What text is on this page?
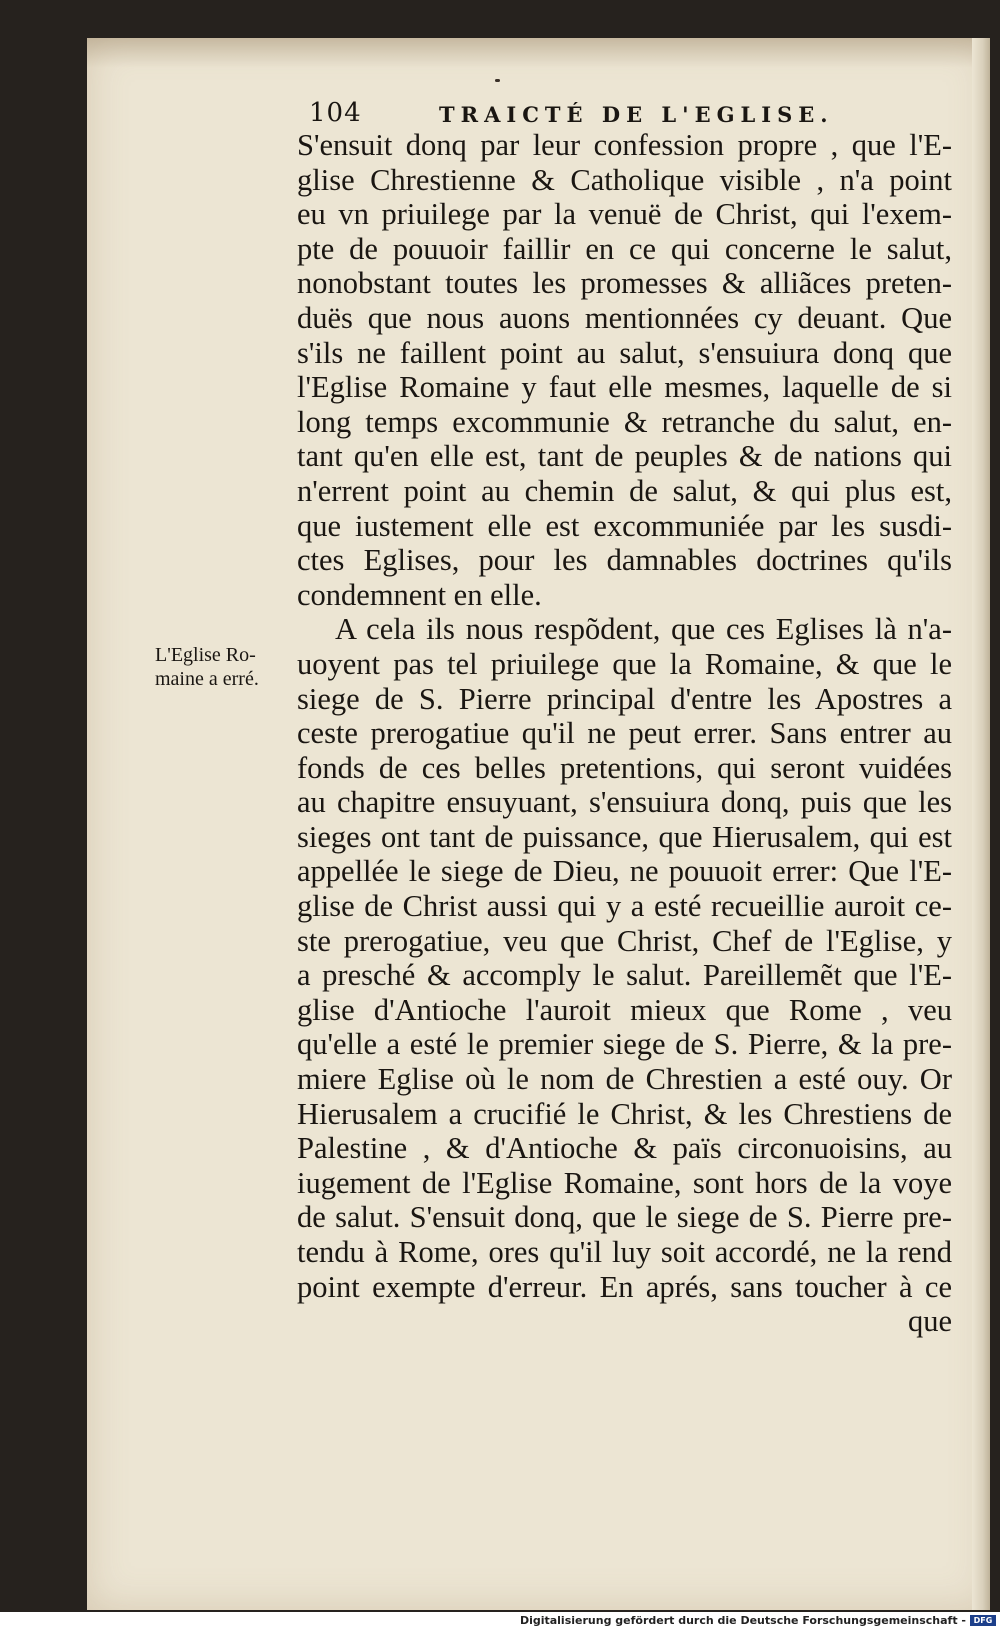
104	TRAICTÉ DE L'EGLISE.
L'Eglise Ro-
maine a erré.
S'ensuit donq par leur confession propre , que l'E-
glise Chrestienne & Catholique visible , n'a point
eu vn priuilege par la venuë de Christ, qui l'exem-
pte de pouuoir faillir en ce qui concerne le salut,
nonobstant toutes les promesses & alliãces preten-
duës que nous auons mentionnées cy deuant. Que
s'ils ne faillent point au salut, s'ensuiura donq que
l'Eglise Romaine y faut elle mesmes, laquelle de si
long temps excommunie & retranche du salut, en-
tant qu'en elle est, tant de peuples & de nations qui
n'errent point au chemin de salut, & qui plus est,
que iustement elle est excommuniée par les susdi-
ctes Eglises, pour les damnables doctrines qu'ils
condemnent en elle.
A cela ils nous respõdent, que ces Eglises là n'a-
uoyent pas tel priuilege que la Romaine, & que le
siege de S. Pierre principal d'entre les Apostres a
ceste prerogatiue qu'il ne peut errer. Sans entrer au
fonds de ces belles pretentions, qui seront vuidées
au chapitre ensuyuant, s'ensuiura donq, puis que les
sieges ont tant de puissance, que Hierusalem, qui est
appellée le siege de Dieu, ne pouuoit errer: Que l'E-
glise de Christ aussi qui y a esté recueillie auroit ce-
ste prerogatiue, veu que Christ, Chef de l'Eglise, y
a presché & accomply le salut. Pareillemẽt que l'E-
glise d'Antioche l'auroit mieux que Rome , veu
qu'elle a esté le premier siege de S. Pierre, & la pre-
miere Eglise où le nom de Chrestien a esté ouy. Or
Hierusalem a crucifié le Christ, & les Chrestiens de
Palestine , & d'Antioche & païs circonuoisins, au
iugement de l'Eglise Romaine, sont hors de la voye
de salut. S'ensuit donq, que le siege de S. Pierre pre-
tendu à Rome, ores qu'il luy soit accordé, ne la rend
point exempte d'erreur. En aprés, sans toucher à ce
que
Digitalisierung gefördert durch die Deutsche Forschungsgemeinschaft - DFG
